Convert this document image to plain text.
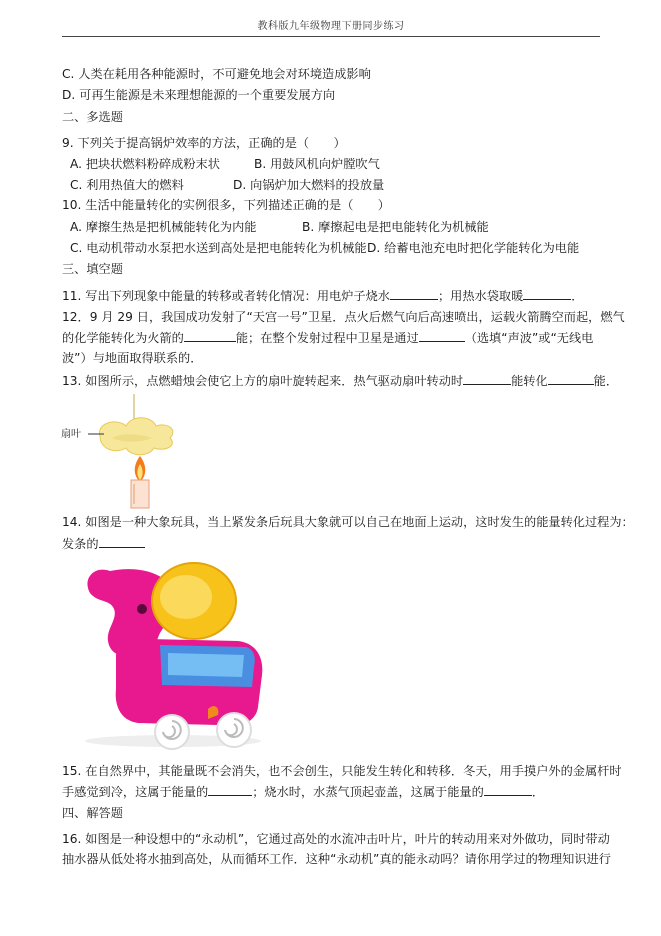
教科版九年级物理下册同步练习
C. 人类在耗用各种能源时，不可避免地会对环境造成影响
D. 可再生能源是未来理想能源的一个重要发展方向
二、多选题
9. 下列关于提高锅炉效率的方法，正确的是（　　）
A. 把块状燃料粉碎成粉末状	B. 用鼓风机向炉膛吹气
C. 利用热值大的燃料	D. 向锅炉加大燃料的投放量
10. 生活中能量转化的实例很多，下列描述正确的是（　　）
A. 摩擦生热是把机械能转化为内能	B. 摩擦起电是把电能转化为机械能
C. 电动机带动水泵把水送到高处是把电能转化为机械能 D. 给蓄电池充电时把化学能转化为电能
三、填空题
11. 写出下列现象中能量的转移或者转化情况：用电炉子烧水	；用热水袋取暖	．
12．9 月 29 日，我国成功发射了“天宫一号”卫星．点火后燃气向后高速喷出，运载火箭腾空而起，燃气
的化学能转化为火箭的	能；在整个发射过程中卫星是通过	（选填“声波”或“无线电
波”）与地面取得联系的．
13. 如图所示，点燃蜡烛会使它上方的扇叶旋转起来．热气驱动扇叶转动时	能转化	能．
扇叶
14. 如图是一种大象玩具，当上紧发条后玩具大象就可以自己在地面上运动，这时发生的能量转化过程为：
发条的
15. 在自然界中，其能量既不会消失，也不会创生，只能发生转化和转移．冬天，用手摸户外的金属杆时
手感觉到冷，这属于能量的	；烧水时，水蒸气顶起壶盖，这属于能量的	．
四、解答题
16. 如图是一种设想中的“永动机”，它通过高处的水流冲击叶片，叶片的转动用来对外做功，同时带动
抽水器从低处将水抽到高处，从而循环工作．这种“永动机”真的能永动吗？请你用学过的物理知识进行
